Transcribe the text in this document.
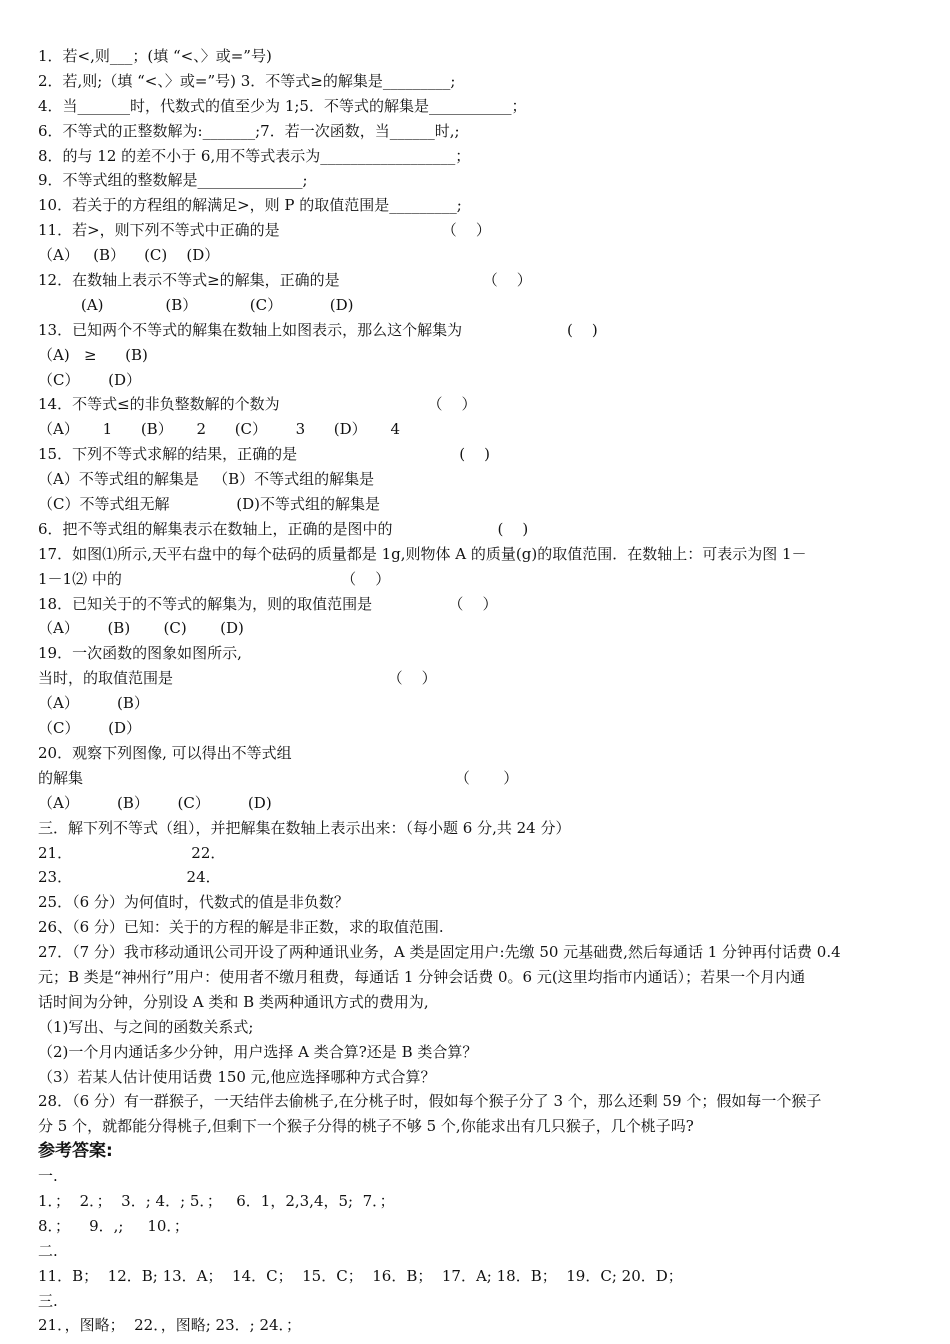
1．若<,则___；(填 “<、〉或=”号)
2．若,则;（填 “<、〉或=”号) 3．不等式≥的解集是_________;
4．当_______时，代数式的值至少为 1;5．不等式的解集是___________；
6．不等式的正整数解为:_______;7．若一次函数，当______时,;
8．的与 12 的差不小于 6,用不等式表示为__________________；
9．不等式组的整数解是______________;
10．若关于的方程组的解满足>，则 P 的取值范围是_________;
11．若>，则下列不等式中正确的是                                  （    ）
（A）   (B）    (C)    (D）
12．在数轴上表示不等式≥的解集，正确的是                              （    ）
(A)             (B）           (C）          (D)
13．已知两个不等式的解集在数轴上如图表示，那么这个解集为                      (    )
（A)   ≥      (B)
（C）      (D）
14．不等式≤的非负整数解的个数为                               （    ）
（A）     1      (B）     2      (C）      3      (D）     4
15．下列不等式求解的结果，正确的是                                  (    )
（A）不等式组的解集是   （B）不等式组的解集是
（C）不等式组无解              (D)不等式组的解集是
6．把不等式组的解集表示在数轴上，正确的是图中的                      (    )
17．如图⑴所示,天平右盘中的每个砝码的质量都是 1g,则物体 A 的质量(g)的取值范围．在数轴上：可表示为图 1－
1－1⑵ 中的                                              （    ）
18．已知关于的不等式的解集为，则的取值范围是                （    ）
（A）      (B)       (C)       (D)
19．一次函数的图象如图所示,
当时，的取值范围是                                             （    ）
（A）        (B）
（C）      (D）
20．观察下列图像, 可以得出不等式组
的解集                                                                              （       ）
（A）        (B）      (C）        (D)
三．解下列不等式（组），并把解集在数轴上表示出来：（每小题 6 分,共 24 分）
21．                         22．
23．                        24．
25．（6 分）为何值时，代数式的值是非负数？
26、（6 分）已知：关于的方程的解是非正数，求的取值范围.
27．（7 分）我市移动通讯公司开设了两种通讯业务，A 类是固定用户:先缴 50 元基础费,然后每通话 1 分钟再付话费 0.4
元；B 类是“神州行”用户：使用者不缴月租费，每通话 1 分钟会话费 0。6 元(这里均指市内通话）；若果一个月内通
话时间为分钟，分别设 A 类和 B 类两种通讯方式的费用为,
（1)写出、与之间的函数关系式;
（2)一个月内通话多少分钟，用户选择 A 类合算?还是 B 类合算？
（3）若某人估计使用话费 150 元,他应选择哪种方式合算？
28．（6 分）有一群猴子，一天结伴去偷桃子,在分桃子时，假如每个猴子分了 3 个，那么还剩 59 个；假如每一个猴子
分 5 个，就都能分得桃子,但剩下一个猴子分得的桃子不够 5 个,你能求出有几只猴子，几个桃子吗?
参考答案:
一.
1．；  2．；  3．; 4．; 5．；   6．1，2,3,4，5;  7．；
8．；    9．,;     10．；
二.
11．B；  12．B; 13．A；  14．C；  15．C；  16．B；  17．A; 18．B；  19．C; 20．D；
三.
21．，图略；  22．，图略; 23．; 24．；
